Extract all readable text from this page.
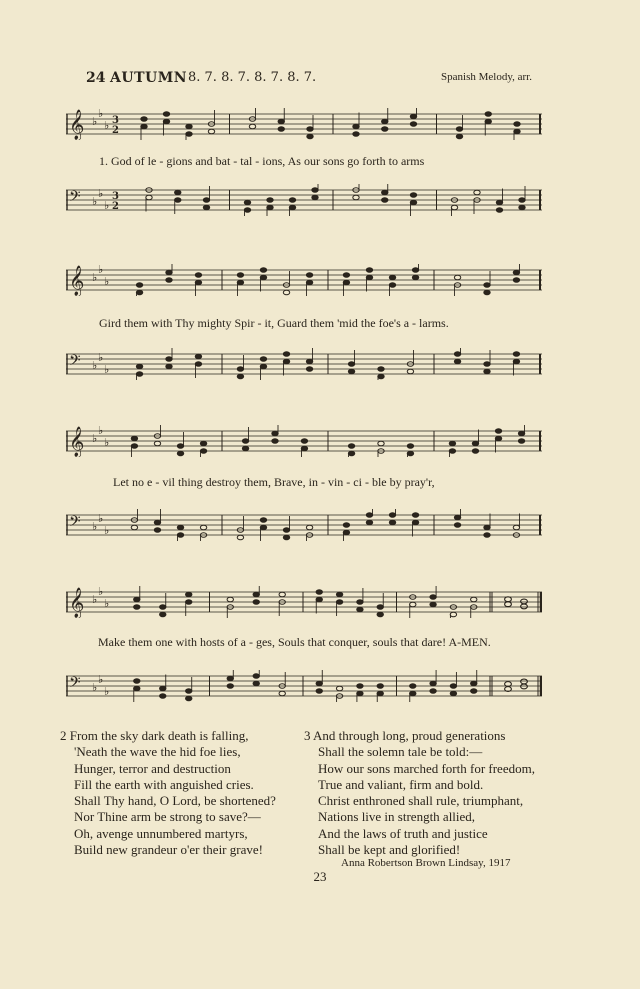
24 AUTUMN 8. 7. 8. 7. 8. 7. 8. 7.	Spanish Melody, arr.
𝄞 ♭
♭
♭ 3
2
1. God of le - gions and bat - tal - ions, As our sons go forth to arms
𝄢 ♭
♭
♭
3
2
𝄞 ♭
♭
♭
Gird them with Thy mighty Spir - it, Guard them 'mid the foe's a - larms.
𝄢 ♭
♭
♭
𝄞 ♭
♭
♭
Let no e - vil thing destroy them, Brave, in - vin - ci - ble by pray'r,
𝄢 ♭
♭
♭
𝄞 ♭
♭
♭
Make them one with hosts of a - ges, Souls that conquer, souls that dare! A-MEN.
𝄢 ♭
♭
♭
2 From the sky dark death is falling,
'Neath the wave the hid foe lies,
Hunger, terror and destruction
Fill the earth with anguished cries.
Shall Thy hand, O Lord, be shortened?
Nor Thine arm be strong to save?—
Oh, avenge unnumbered martyrs,
Build new grandeur o'er their grave!
3 And through long, proud generations
Shall the solemn tale be told:—
How our sons marched forth for freedom,
True and valiant, firm and bold.
Christ enthroned shall rule, triumphant,
Nations live in strength allied,
And the laws of truth and justice
Shall be kept and glorified!
Anna Robertson Brown Lindsay, 1917
23
